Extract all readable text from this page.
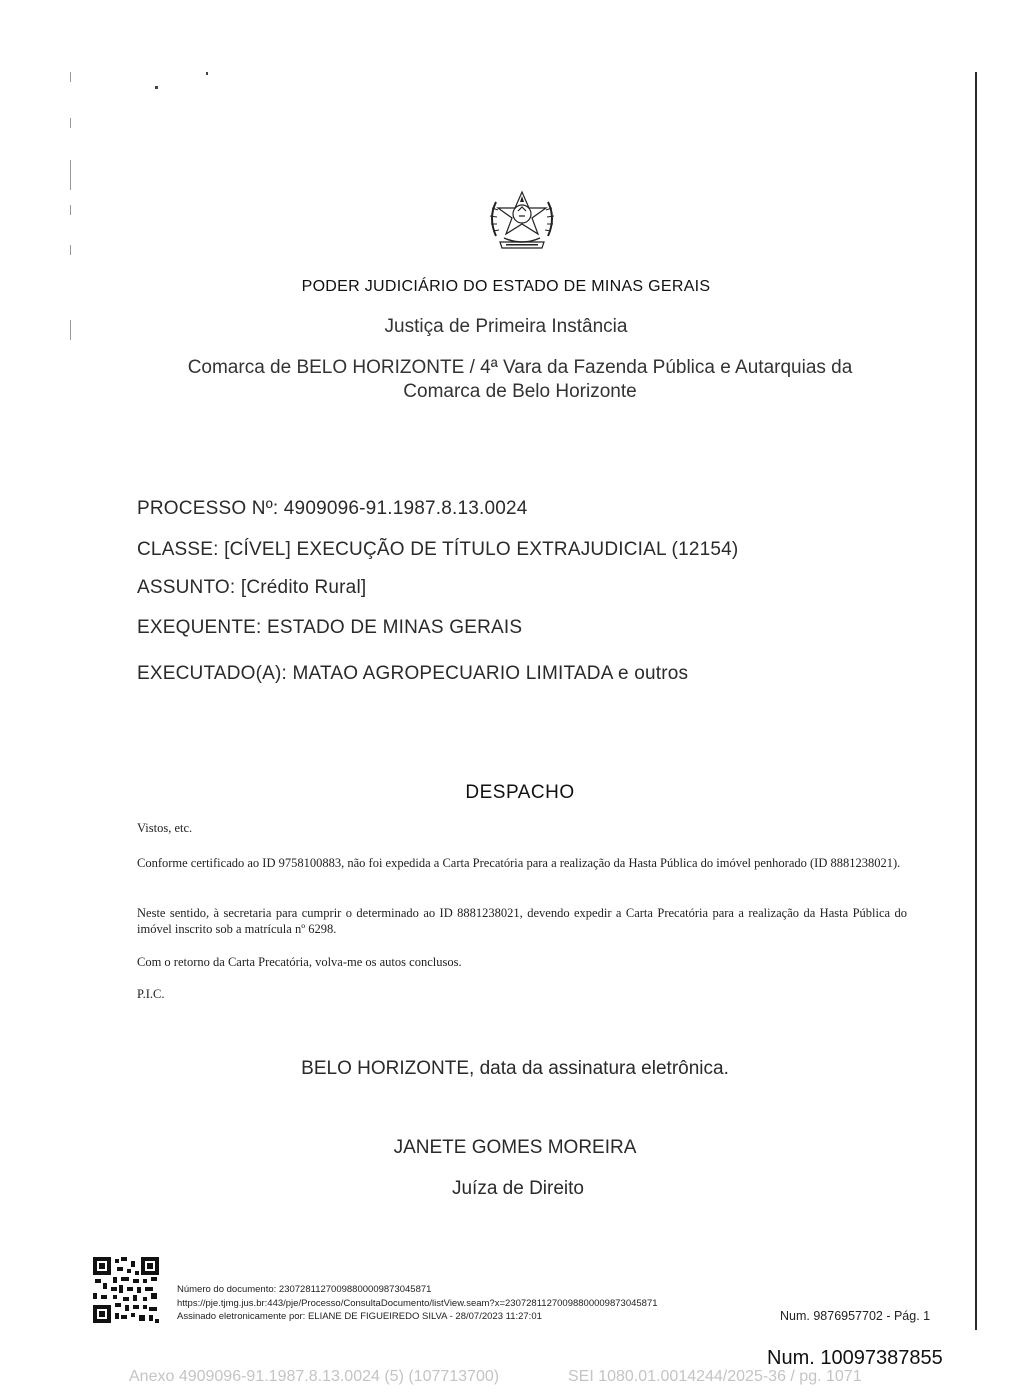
PODER JUDICIÁRIO DO ESTADO DE MINAS GERAIS
Justiça de Primeira Instância
Comarca de BELO HORIZONTE / 4ª Vara da Fazenda Pública e Autarquias da
Comarca de Belo Horizonte
PROCESSO Nº: 4909096-91.1987.8.13.0024
CLASSE: [CÍVEL] EXECUÇÃO DE TÍTULO EXTRAJUDICIAL (12154)
ASSUNTO: [Crédito Rural]
EXEQUENTE: ESTADO DE MINAS GERAIS
EXECUTADO(A): MATAO AGROPECUARIO LIMITADA e outros
DESPACHO
Vistos, etc.
Conforme certificado ao ID 9758100883, não foi expedida a Carta Precatória para a realização da Hasta Pública do imóvel penhorado (ID 8881238021).
Neste sentido, à secretaria para cumprir o determinado ao ID 8881238021, devendo expedir a Carta Precatória para a realização da Hasta Pública do imóvel inscrito sob a matrícula nº 6298.
Com o retorno da Carta Precatória, volva-me os autos conclusos.
P.I.C.
BELO HORIZONTE, data da assinatura eletrônica.
JANETE GOMES MOREIRA
Juíza de Direito
Número do documento: 23072811270098800009873045871
https://pje.tjmg.jus.br:443/pje/Processo/ConsultaDocumento/listView.seam?x=23072811270098800009873045871
Assinado eletronicamente por: ELIANE DE FIGUEIREDO SILVA - 28/07/2023 11:27:01	Num. 9876957702 - Pág. 1
Num. 10097387855
Anexo 4909096-91.1987.8.13.0024 (5) (107713700)	SEI 1080.01.0014244/2025-36 / pg. 1071
